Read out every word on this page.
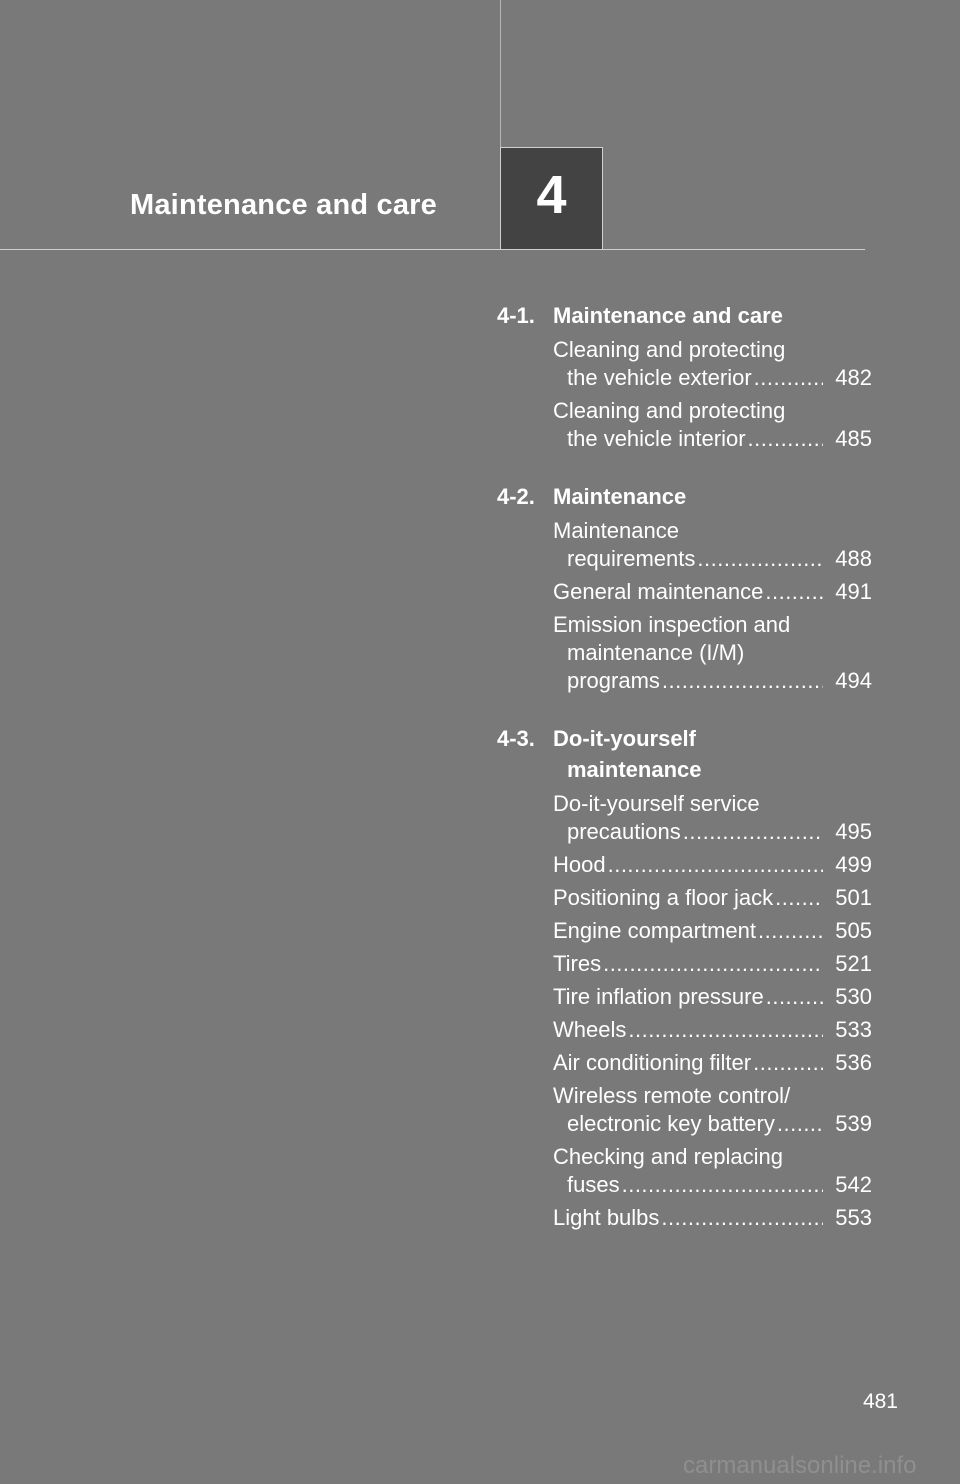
Maintenance and care 4
4-1. Maintenance and care
Cleaning and protecting
the vehicle exterior .....	482
Cleaning and protecting
the vehicle interior .....	485
4-2. Maintenance
Maintenance
requirements .....	488
General maintenance .....	491
Emission inspection and
maintenance (I/M)
programs .....	494
4-3. Do-it-yourself
maintenance
Do-it-yourself service
precautions .....	495
Hood .....	499
Positioning a floor jack .....	501
Engine compartment .....	505
Tires .....	521
Tire inflation pressure .....	530
Wheels .....	533
Air conditioning filter .....	536
Wireless remote control/
electronic key battery .....	539
Checking and replacing
fuses .....	542
Light bulbs .....	553
481
carmanualsonline.info
